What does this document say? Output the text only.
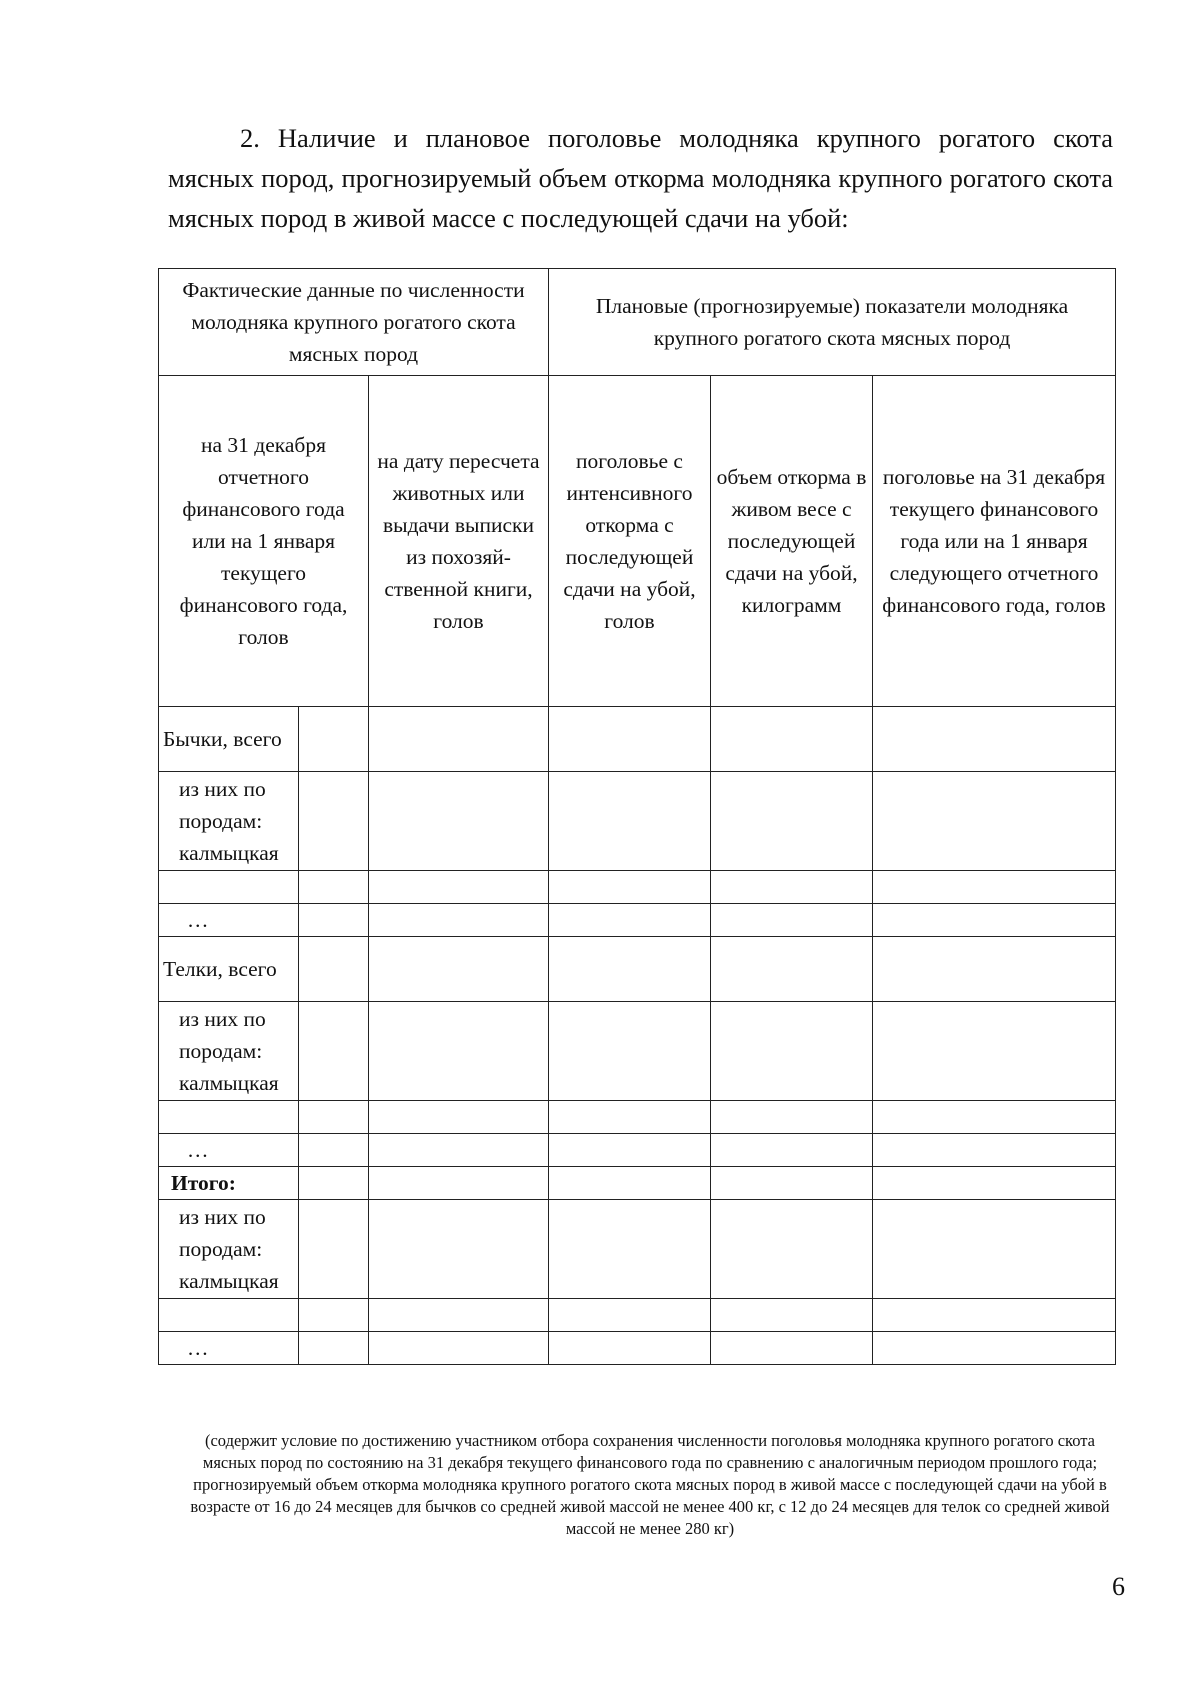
2. Наличие и плановое поголовье молодняка крупного рогатого скота мясных пород, прогнозируемый объем откорма молодняка крупного рогатого скота мясных пород в живой массе с последующей сдачи на убой:

Фактические данные по численности молодняка крупного рогатого скота мясных пород			Плановые (прогнозируемые) показатели молодняка крупного рогатого скота мясных пород		
на 31 декабря отчетного финансового года или на 1 января текущего финансового года, голов		на дату пересчета животных или выдачи выписки из похозяй-ственной книги, голов	поголовье с интенсивного откорма с последующей сдачи на убой, голов	объем откорма в живом весе с последующей сдачи на убой, килограмм	поголовье на 31 декабря текущего финансового года или на 1 января следующего отчетного финансового года, голов
Бычки, всего					
из них по породам: калмыцкая					

…					
Телки, всего					
из них по породам: калмыцкая					

…					
Итого:					
из них по породам: калмыцкая					

…					

(содержит условие по достижению участником отбора сохранения численности поголовья молодняка крупного рогатого скота мясных пород по состоянию на 31 декабря текущего финансового года по сравнению с аналогичным периодом прошлого года; прогнозируемый объем откорма молодняка крупного рогатого скота мясных пород в живой массе с последующей сдачи на убой в возрасте от 16 до 24 месяцев для бычков со средней живой массой не менее 400 кг, с 12 до 24 месяцев для телок со средней живой массой не менее 280 кг)

6
